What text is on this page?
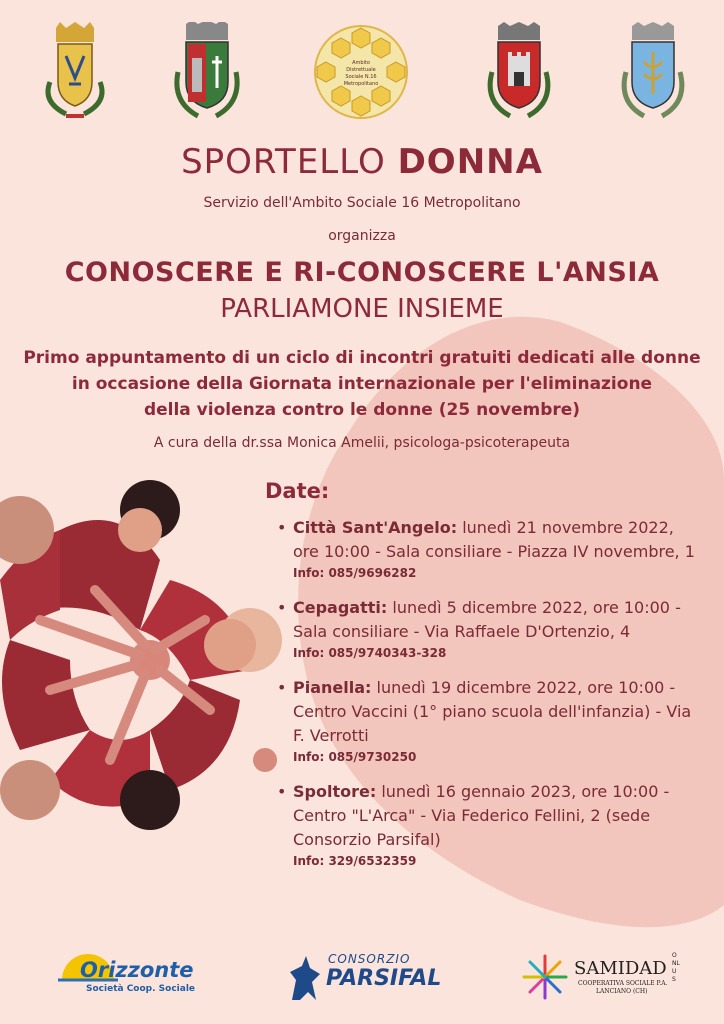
Ambito
Distrettuale
Sociale N.16
Metropolitano
SPORTELLO DONNA
Servizio dell'Ambito Sociale 16 Metropolitano
organizza
CONOSCERE E RI-CONOSCERE L'ANSIA
PARLIAMONE INSIEME
Primo appuntamento di un ciclo di incontri gratuiti dedicati alle donne
in occasione della Giornata internazionale per l'eliminazione
della violenza contro le donne (25 novembre)
A cura della dr.ssa Monica Amelii, psicologa-psicoterapeuta
Date:
• Città Sant'Angelo: lunedì 21 novembre 2022, ore 10:00 - Sala consiliare - Piazza IV novembre, 1
Info: 085/9696282
• Cepagatti: lunedì 5 dicembre 2022, ore 10:00 - Sala consiliare - Via Raffaele D'Ortenzio, 4
Info: 085/9740343-328
• Pianella: lunedì 19 dicembre 2022, ore 10:00 - Centro Vaccini (1° piano scuola dell'infanzia) - Via F. Verrotti
Info: 085/9730250
• Spoltore: lunedì 16 gennaio 2023, ore 10:00 - Centro "L'Arca" - Via Federico Fellini, 2 (sede Consorzio Parsifal)
Info: 329/6532359
Orizzonte
Società Coop. Sociale
CONSORZIO
PARSIFAL	SAMIDAD
COOPERATIVA SOCIALE P.A.
LANCIANO (CH)
ONLUS
